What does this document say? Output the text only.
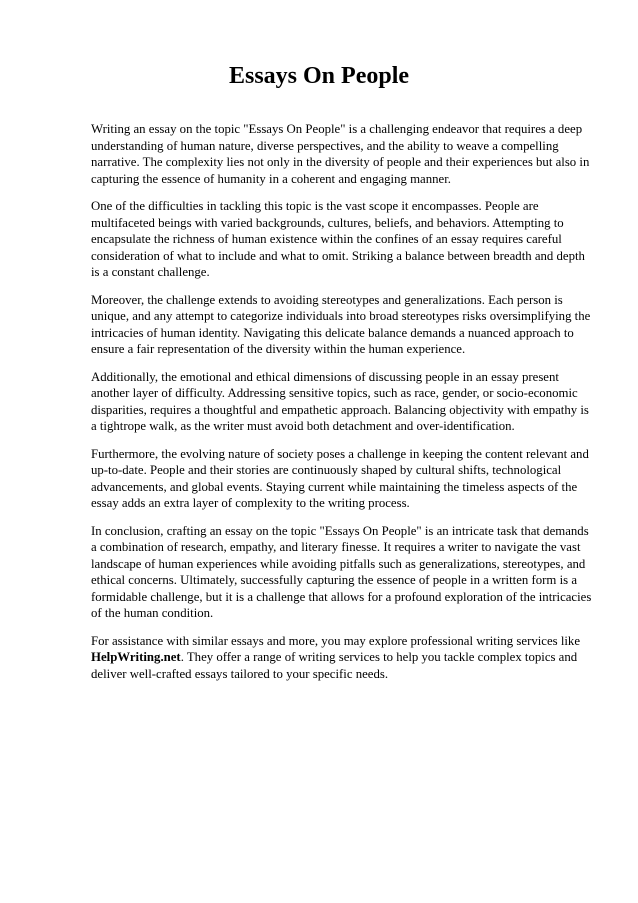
Essays On People

Writing an essay on the topic "Essays On People" is a challenging endeavor that requires a deep understanding of human nature, diverse perspectives, and the ability to weave a compelling narrative. The complexity lies not only in the diversity of people and their experiences but also in capturing the essence of humanity in a coherent and engaging manner.

One of the difficulties in tackling this topic is the vast scope it encompasses. People are multifaceted beings with varied backgrounds, cultures, beliefs, and behaviors. Attempting to encapsulate the richness of human existence within the confines of an essay requires careful consideration of what to include and what to omit. Striking a balance between breadth and depth is a constant challenge.

Moreover, the challenge extends to avoiding stereotypes and generalizations. Each person is unique, and any attempt to categorize individuals into broad stereotypes risks oversimplifying the intricacies of human identity. Navigating this delicate balance demands a nuanced approach to ensure a fair representation of the diversity within the human experience.

Additionally, the emotional and ethical dimensions of discussing people in an essay present another layer of difficulty. Addressing sensitive topics, such as race, gender, or socio-economic disparities, requires a thoughtful and empathetic approach. Balancing objectivity with empathy is a tightrope walk, as the writer must avoid both detachment and over-identification.

Furthermore, the evolving nature of society poses a challenge in keeping the content relevant and up-to-date. People and their stories are continuously shaped by cultural shifts, technological advancements, and global events. Staying current while maintaining the timeless aspects of the essay adds an extra layer of complexity to the writing process.

In conclusion, crafting an essay on the topic "Essays On People" is an intricate task that demands a combination of research, empathy, and literary finesse. It requires a writer to navigate the vast landscape of human experiences while avoiding pitfalls such as generalizations, stereotypes, and ethical concerns. Ultimately, successfully capturing the essence of people in a written form is a formidable challenge, but it is a challenge that allows for a profound exploration of the intricacies of the human condition.

For assistance with similar essays and more, you may explore professional writing services like HelpWriting.net. They offer a range of writing services to help you tackle complex topics and deliver well-crafted essays tailored to your specific needs.
